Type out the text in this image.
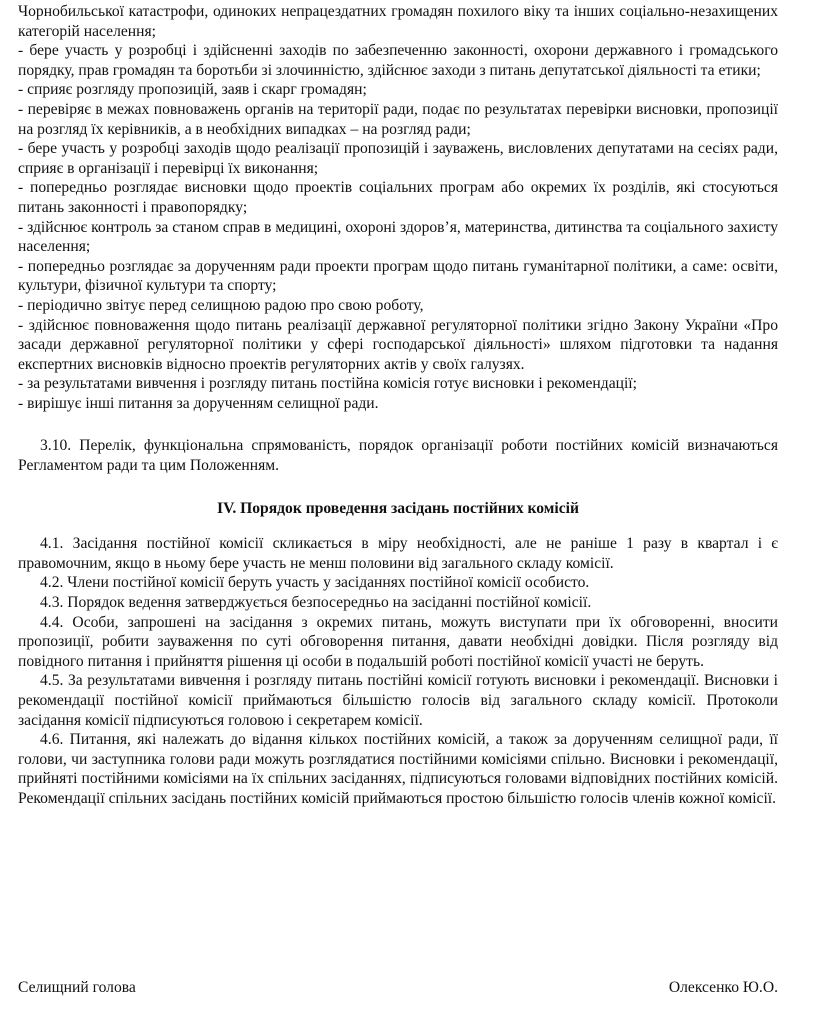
Чорнобильської катастрофи, одиноких непрацездатних громадян похилого віку та інших соціально-незахищених категорій населення;

- бере участь у розробці і здійсненні заходів по забезпеченню законності, охорони державного і громадського порядку, прав громадян та боротьби зі злочинністю, здійснює заходи з питань депутатської діяльності та етики;

- сприяє розгляду пропозицій, заяв і скарг громадян;

- перевіряє в межах повноважень органів на території ради, подає по результатах перевірки висновки, пропозиції на розгляд їх керівників, а в необхідних випадках – на розгляд ради;

- бере участь у розробці заходів щодо реалізації пропозицій і зауважень, висловлених депутатами на сесіях ради, сприяє в організації і перевірці їх виконання;

- попередньо розглядає висновки щодо проектів соціальних програм або окремих їх розділів, які стосуються питань законності і правопорядку;

- здійснює контроль за станом справ в медицині, охороні здоров’я, материнства, дитинства та соціального захисту населення;

- попередньо розглядає за дорученням ради проекти програм щодо питань гуманітарної політики, а саме: освіти, культури, фізичної культури та спорту;

- періодично звітує перед селищною радою про свою роботу,

- здійснює повноваження щодо питань реалізації державної регуляторної політики згідно Закону України «Про засади державної регуляторної політики у сфері господарської діяльності» шляхом підготовки та надання експертних висновків відносно проектів регуляторних актів у своїх галузях.

- за результатами вивчення і розгляду питань постійна комісія готує висновки і рекомендації;

- вирішує інші питання за дорученням селищної ради.

3.10. Перелік, функціональна спрямованість, порядок організації роботи постійних комісій визначаються Регламентом ради та цим Положенням.

IV. Порядок проведення засідань постійних комісій

4.1. Засідання постійної комісії скликається в міру необхідності, але не раніше 1 разу в квартал і є правомочним, якщо в ньому бере участь не менш половини від загального складу комісії.

4.2. Члени постійної комісії беруть участь у засіданнях постійної комісії особисто.

4.3. Порядок ведення затверджується безпосередньо на засіданні постійної комісії.

4.4. Особи, запрошені на засідання з окремих питань, можуть виступати при їх обговоренні, вносити пропозиції, робити зауваження по суті обговорення питання, давати необхідні довідки. Після розгляду від повідного питання і прийняття рішення ці особи в подальшій роботі постійної комісії участі не беруть.

4.5. За результатами вивчення і розгляду питань постійні комісії готують висновки і рекомендації. Висновки і рекомендації постійної комісії приймаються більшістю голосів від загального складу комісії. Протоколи засідання комісії підписуються головою і секретарем комісії.

4.6. Питання, які належать до відання кількох постійних комісій, а також за дорученням селищної ради, її голови, чи заступника голови ради можуть розглядатися постійними комісіями спільно. Висновки і рекомендації, прийняті постійними комісіями на їх спільних засіданнях, підписуються головами відповідних постійних комісій. Рекомендації спільних засідань постійних комісій приймаються простою більшістю голосів членів кожної комісії.

Селищний голова	Олексенко Ю.О.
